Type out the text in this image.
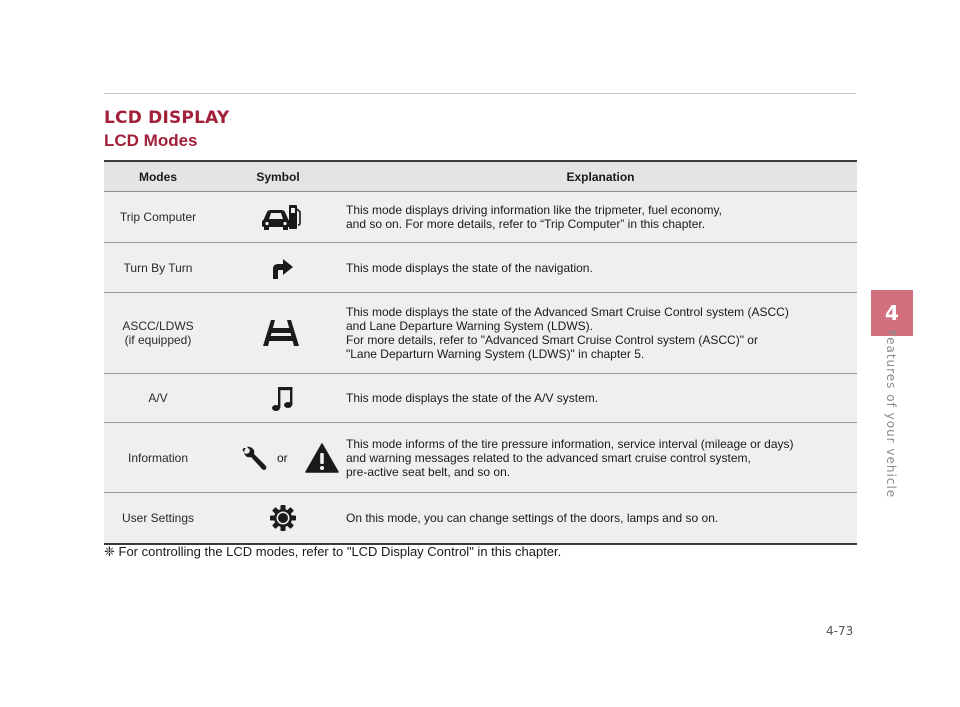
LCD DISPLAY
LCD Modes
Modes	Symbol	Explanation

Trip Computer		This mode displays driving information like the tripmeter, fuel economy,
and so on. For more details, refer to “Trip Computer” in this chapter.

Turn By Turn		This mode displays the state of the navigation.

ASCC/LDWS
(if equipped)		This mode displays the state of the Advanced Smart Cruise Control system (ASCC)
and Lane Departure Warning System (LDWS).
For more details, refer to "Advanced Smart Cruise Control system (ASCC)" or
"Lane Departurn Warning System (LDWS)" in chapter 5.

A/V		This mode displays the state of the A/V system.

Information	or	This mode informs of the tire pressure information, service interval (mileage or days)
and warning messages related to the advanced smart cruise control system,
pre-active seat belt, and so on.

User Settings		On this mode, you can change settings of the doors, lamps and so on.

❈ For controlling the LCD modes, refer to "LCD Display Control" in this chapter.

4
Features of your vehicle
4-73
